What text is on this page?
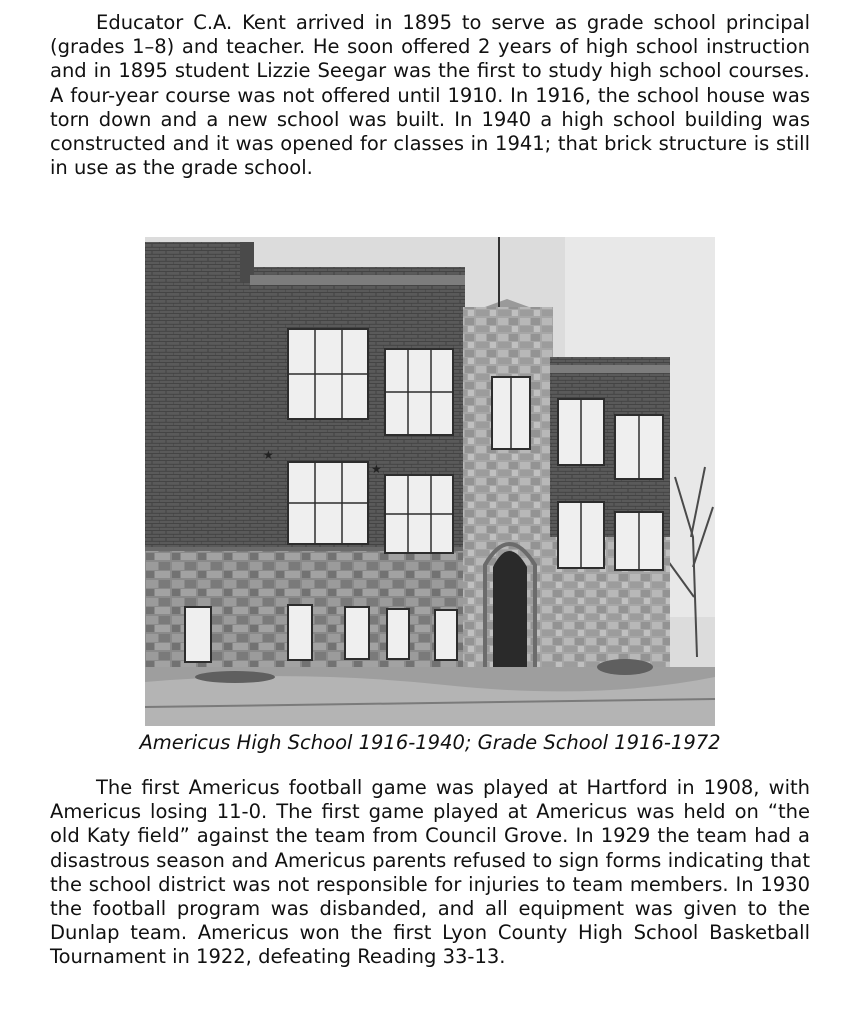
Educator C.A. Kent arrived in 1895 to serve as grade school principal (grades 1–8) and teacher. He soon offered 2 years of high school instruction and in 1895 student Lizzie Seegar was the first to study high school courses. A four-year course was not offered until 1910. In 1916, the school house was torn down and a new school was built. In 1940 a high school building was constructed and it was opened for classes in 1941; that brick structure is still in use as the grade school.

★
★

Americus High School 1916-1940; Grade School 1916-1972

The first Americus football game was played at Hartford in 1908, with Americus losing 11-0. The first game played at Americus was held on “the old Katy field” against the team from Council Grove. In 1929 the team had a disastrous season and Americus parents refused to sign forms indicating that the school district was not responsible for injuries to team members. In 1930 the football program was disbanded, and all equipment was given to the Dunlap team. Americus won the first Lyon County High School Basketball Tournament in 1922, defeating Reading 33-13.
